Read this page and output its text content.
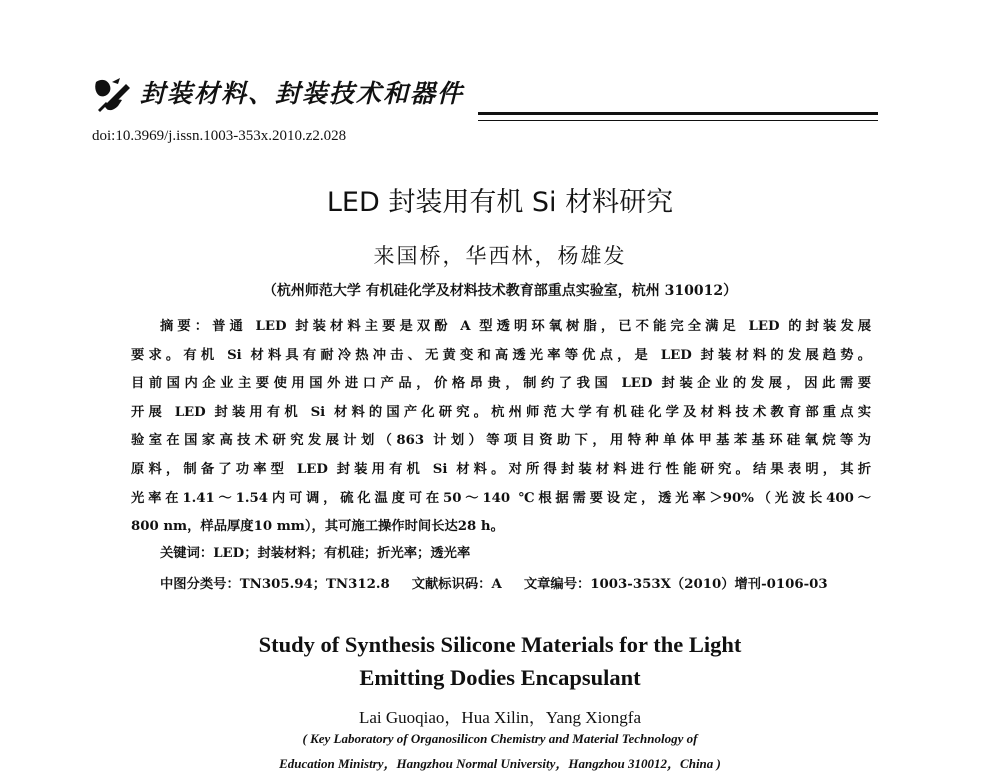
封装材料、封装技术和器件
doi:10.3969/j.issn.1003-353x.2010.z2.028
LED 封装用有机 Si 材料研究
来国桥，华西林，杨雄发
（杭州师范大学 有机硅化学及材料技术教育部重点实验室，杭州 310012）
摘要：普通 LED 封装材料主要是双酚 A 型透明环氧树脂，已不能完全满足 LED 的封装发展
要求。有机 Si 材料具有耐冷热冲击、无黄变和高透光率等优点，是 LED 封装材料的发展趋势。
目前国内企业主要使用国外进口产品，价格昂贵，制约了我国 LED 封装企业的发展，因此需要
开展 LED 封装用有机 Si 材料的国产化研究。杭州师范大学有机硅化学及材料技术教育部重点实
验室在国家高技术研究发展计划（863 计划）等项目资助下，用特种单体甲基苯基环硅氧烷等为
原料，制备了功率型 LED 封装用有机 Si 材料。对所得封装材料进行性能研究。结果表明，其折
光率在1.41～1.54内可调，硫化温度可在50～140 ℃根据需要设定，透光率＞90%（光波长400～
800 nm，样品厚度10 mm），其可施工操作时间长达28 h。
关键词：LED；封装材料；有机硅；折光率；透光率
中图分类号：TN305.94；TN312.8 文献标识码：A 文章编号：1003-353X（2010）增刊-0106-03
Study of Synthesis Silicone Materials for the Light
Emitting Dodies Encapsulant
Lai Guoqiao，Hua Xilin，Yang Xiongfa
( Key Laboratory of Organosilicon Chemistry and Material Technology of
Education Ministry，Hangzhou Normal University，Hangzhou 310012，China )
